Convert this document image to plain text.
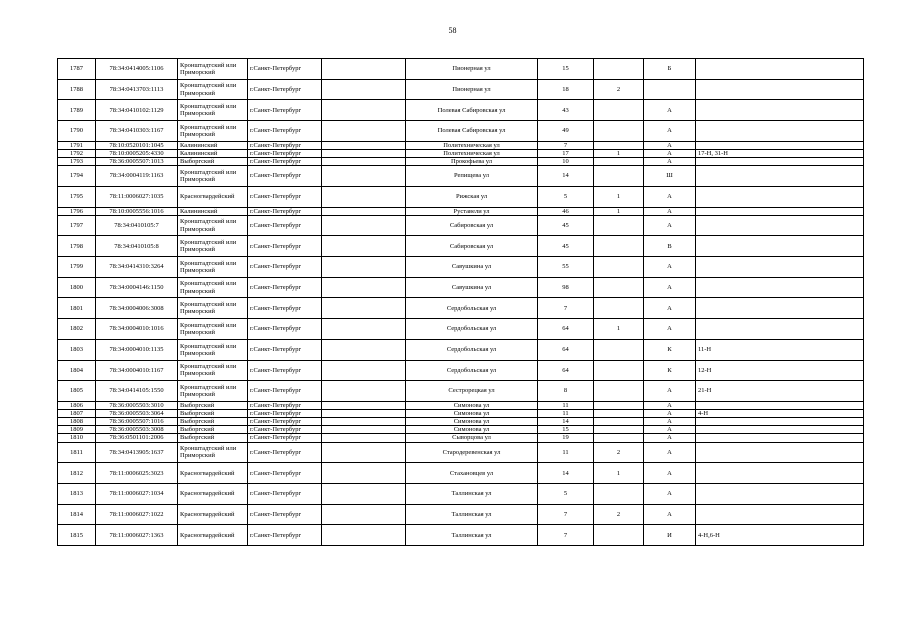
58
1787	78:34:0414005:1106	Кронштадтский или Приморский	г.Санкт-Петербург		Пионерная ул	15		Б	
1788	78:34:0413703:1113	Кронштадтский или Приморский	г.Санкт-Петербург		Пионерная ул	18	2		
1789	78:34:0410102:1129	Кронштадтский или Приморский	г.Санкт-Петербург		Полевая Сабировская ул	43		А	
1790	78:34:0410303:1167	Кронштадтский или Приморский	г.Санкт-Петербург		Полевая Сабировская ул	49		А	
1791	78:10:0520101:1045	Калининский	г.Санкт-Петербург		Политехническая ул	7		А	
1792	78:10:0005205:4330	Калининский	г.Санкт-Петербург		Политехническая ул	17	1	А	17-Н, 31-Н
1793	78:36:0005507:1013	Выборгский	г.Санкт-Петербург		Прокофьева ул	10		А	
1794	78:34:0004119:1163	Кронштадтский или Приморский	г.Санкт-Петербург		Репищева ул	14		Ш	
1795	78:11:0006027:1035	Красногвардейский	г.Санкт-Петербург		Рижская ул	5	1	А	
1796	78:10:0005556:1016	Калининский	г.Санкт-Петербург		Руставели ул	46	1	А	
1797	78:34:0410105:7	Кронштадтский или Приморский	г.Санкт-Петербург		Сабировская ул	45		А	
1798	78:34:0410105:8	Кронштадтский или Приморский	г.Санкт-Петербург		Сабировская ул	45		В	
1799	78:34:0414310:3264	Кронштадтский или Приморский	г.Санкт-Петербург		Савушкина ул	55		А	
1800	78:34:0004146:1150	Кронштадтский или Приморский	г.Санкт-Петербург		Савушкина ул	98		А	
1801	78:34:0004006:3008	Кронштадтский или Приморский	г.Санкт-Петербург		Сердобольская ул	7		А	
1802	78:34:0004010:1016	Кронштадтский или Приморский	г.Санкт-Петербург		Сердобольская ул	64	1	А	
1803	78:34:0004010:1135	Кронштадтский или Приморский	г.Санкт-Петербург		Сердобольская ул	64		К	11-Н
1804	78:34:0004010:1167	Кронштадтский или Приморский	г.Санкт-Петербург		Сердобольская ул	64		К	12-Н
1805	78:34:0414105:1550	Кронштадтский или Приморский	г.Санкт-Петербург		Сестрорецкая ул	8		А	21-Н
1806	78:36:0005503:3010	Выборгский	г.Санкт-Петербург		Симонова ул	11		А	
1807	78:36:0005503:3064	Выборгский	г.Санкт-Петербург		Симонова ул	11		А	4-Н
1808	78:36:0005507:1016	Выборгский	г.Санкт-Петербург		Симонова ул	14		А	
1809	78:36:0005503:3008	Выборгский	г.Санкт-Петербург		Симонова ул	15		А	
1810	78:36:0501101:2006	Выборгский	г.Санкт-Петербург		Сыворцова ул	19		А	
1811	78:34:0413905:1637	Кронштадтский или Приморский	г.Санкт-Петербург		Стародеревенская ул	11	2	А	
1812	78:11:0006025:3023	Красногвардейский	г.Санкт-Петербург		Стахановцев ул	14	1	А	
1813	78:11:0006027:1034	Красногвардейский	г.Санкт-Петербург		Таллинская ул	5		А	
1814	78:11:0006027:1022	Красногвардейский	г.Санкт-Петербург		Таллинская ул	7	2	А	
1815	78:11:0006027:1363	Красногвардейский	г.Санкт-Петербург		Таллинская ул	7		И	4-Н,6-Н
